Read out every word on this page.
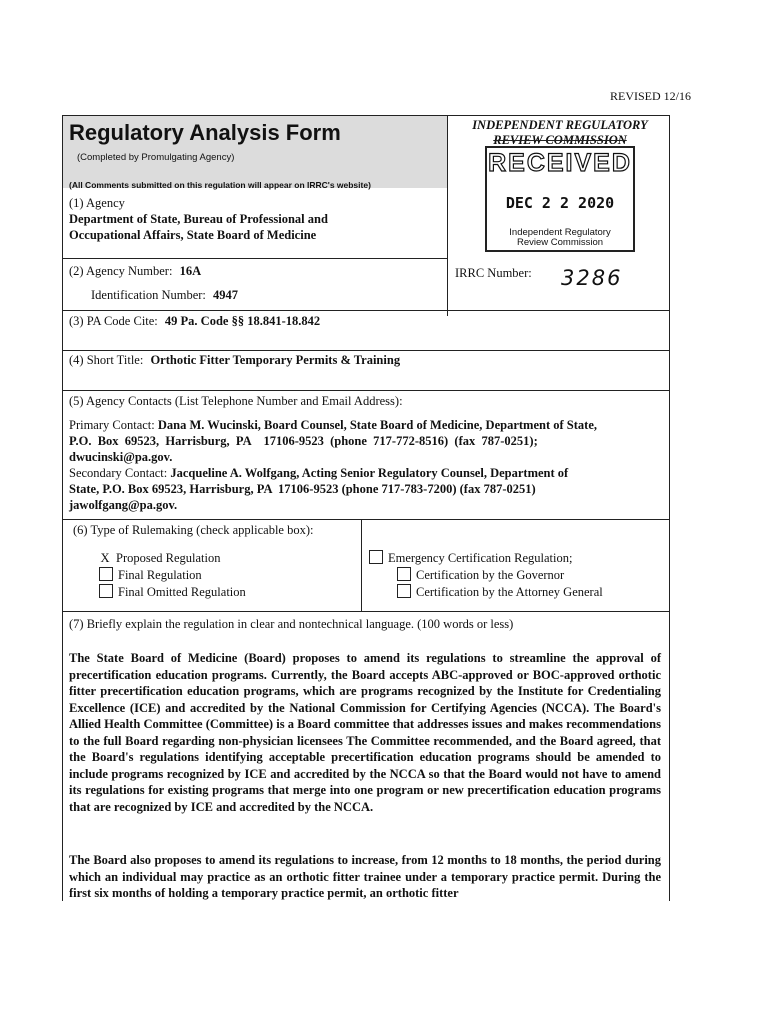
REVISED 12/16
Regulatory Analysis Form
(Completed by Promulgating Agency)
(All Comments submitted on this regulation will appear on IRRC's website)
INDEPENDENT REGULATORY
REVIEW COMMISSION
RECEIVED
DEC 2 2 2020
Independent Regulatory
Review Commission
(1) Agency
Department of State, Bureau of Professional and
Occupational Affairs, State Board of Medicine
(2) Agency Number: 16A
Identification Number: 4947
IRRC Number: 3286
(3) PA Code Cite: 49 Pa. Code §§ 18.841-18.842
(4) Short Title: Orthotic Fitter Temporary Permits & Training
(5) Agency Contacts (List Telephone Number and Email Address):
Primary Contact: Dana M. Wucinski, Board Counsel, State Board of Medicine, Department of State,
P.O.  Box  69523,  Harrisburg,  PA    17106-9523  (phone  717-772-8516)  (fax  787-0251);
dwucinski@pa.gov.
Secondary Contact: Jacqueline A. Wolfgang, Acting Senior Regulatory Counsel, Department of
State, P.O. Box 69523, Harrisburg, PA  17106-9523 (phone 717-783-7200) (fax 787-0251)
jawolfgang@pa.gov.
(6) Type of Rulemaking (check applicable box):
X Proposed Regulation
Final Regulation
Final Omitted Regulation
Emergency Certification Regulation;
Certification by the Governor
Certification by the Attorney General
(7) Briefly explain the regulation in clear and nontechnical language. (100 words or less)
The State Board of Medicine (Board) proposes to amend its regulations to streamline the approval of precertification education programs. Currently, the Board accepts ABC-approved or BOC-approved orthotic fitter precertification education programs, which are programs recognized by the Institute for Credentialing Excellence (ICE) and accredited by the National Commission for Certifying Agencies (NCCA). The Board's Allied Health Committee (Committee) is a Board committee that addresses issues and makes recommendations to the full Board regarding non-physician licensees The Committee recommended, and the Board agreed, that the Board's regulations identifying acceptable precertification education programs should be amended to include programs recognized by ICE and accredited by the NCCA so that the Board would not have to amend its regulations for existing programs that merge into one program or new precertification education programs that are recognized by ICE and accredited by the NCCA.
The Board also proposes to amend its regulations to increase, from 12 months to 18 months, the period during which an individual may practice as an orthotic fitter trainee under a temporary practice permit. During the first six months of holding a temporary practice permit, an orthotic fitter
